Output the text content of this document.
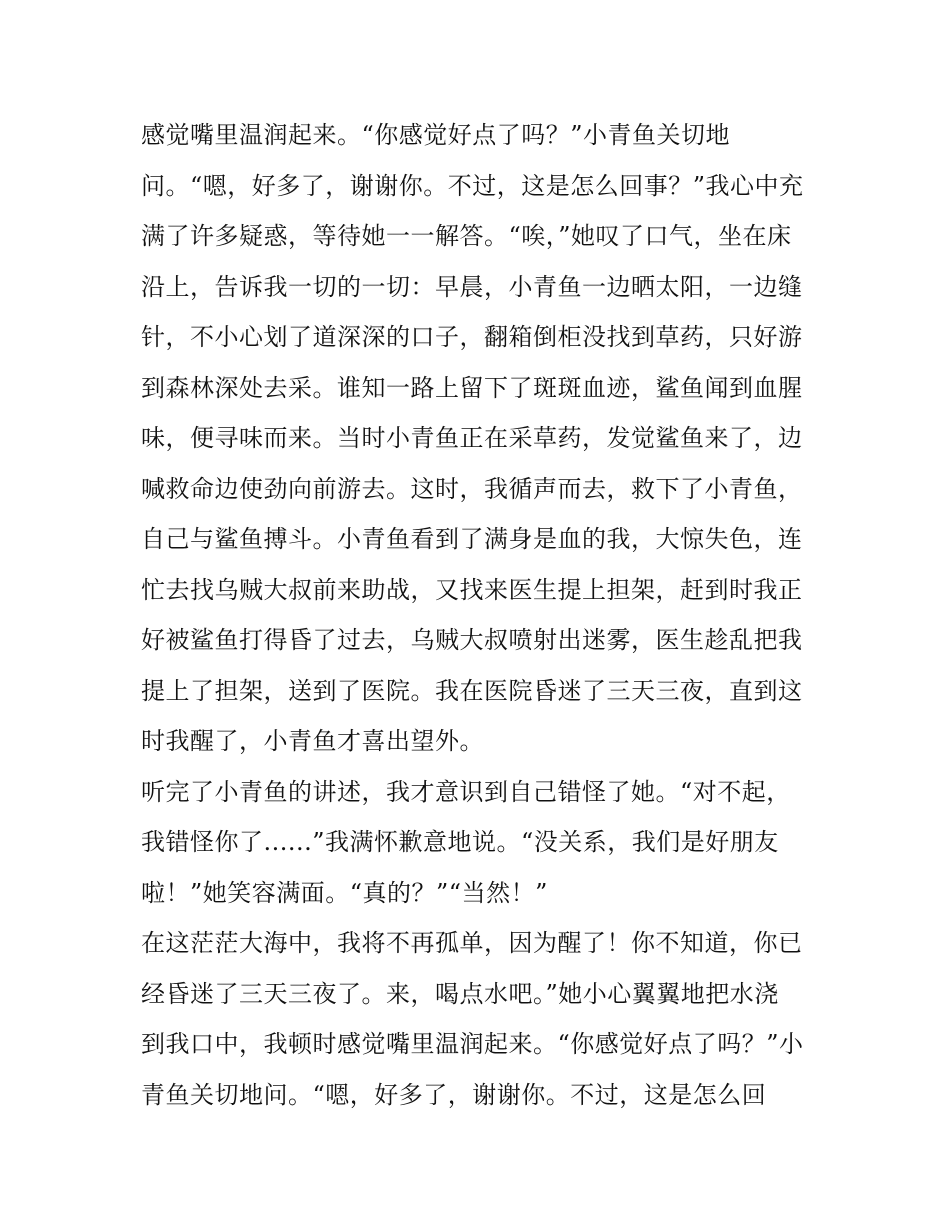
感觉嘴里温润起来。“你感觉好点了吗？”小青鱼关切地
问。“嗯，好多了，谢谢你。不过，这是怎么回事？”我心中充
满了许多疑惑，等待她一一解答。“唉，”她叹了口气，坐在床
沿上，告诉我一切的一切：早晨，小青鱼一边晒太阳，一边缝
针，不小心划了道深深的口子，翻箱倒柜没找到草药，只好游
到森林深处去采。谁知一路上留下了斑斑血迹，鲨鱼闻到血腥
味，便寻味而来。当时小青鱼正在采草药，发觉鲨鱼来了，边
喊救命边使劲向前游去。这时，我循声而去，救下了小青鱼，
自己与鲨鱼搏斗。小青鱼看到了满身是血的我，大惊失色，连
忙去找乌贼大叔前来助战，又找来医生提上担架，赶到时我正
好被鲨鱼打得昏了过去，乌贼大叔喷射出迷雾，医生趁乱把我
提上了担架，送到了医院。我在医院昏迷了三天三夜，直到这
时我醒了，小青鱼才喜出望外。
听完了小青鱼的讲述，我才意识到自己错怪了她。“对不起，
我错怪你了......”我满怀歉意地说。“没关系，我们是好朋友
啦！”她笑容满面。“真的？”“当然！”
在这茫茫大海中，我将不再孤单，因为醒了！你不知道，你已
经昏迷了三天三夜了。来，喝点水吧。”她小心翼翼地把水浇
到我口中，我顿时感觉嘴里温润起来。“你感觉好点了吗？”小
青鱼关切地问。“嗯，好多了，谢谢你。不过，这是怎么回
